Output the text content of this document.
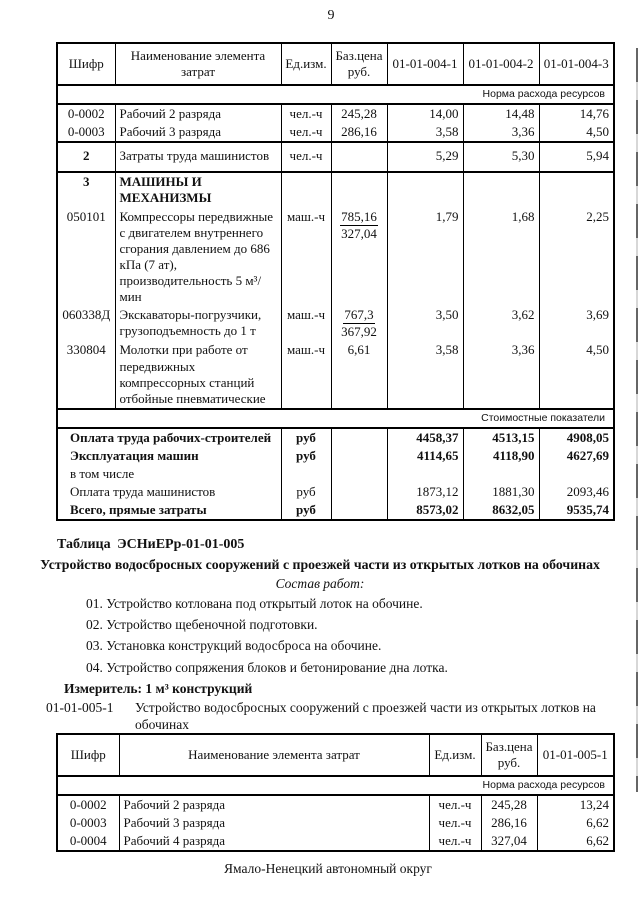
9
Шифр	Наименование элемента затрат	Ед.изм.	Баз.цена руб.	01-01-004-1	01-01-004-2	01-01-004-3
Норма расхода ресурсов						
0-0002	Рабочий 2 разряда	чел.-ч	245,28	14,00	14,48	14,76
0-0003	Рабочий 3 разряда	чел.-ч	286,16	3,58	3,36	4,50
2	Затраты труда машинистов	чел.-ч		5,29	5,30	5,94
3	МАШИНЫ И МЕХАНИЗМЫ					
050101	Компрессоры передвижные с двигателем внутреннего сгорания давлением до 686 кПа (7 ат), производительность 5 м³/мин	маш.-ч	$\frac{785,16}{327,04}$	1,79	1,68	2,25
060338Д	Экскаваторы-погрузчики, грузоподъемность до 1 т	маш.-ч	$\frac{767,3}{367,92}$	3,50	3,62	3,69
330804	Молотки при работе от передвижных компрессорных станций отбойные пневматические	маш.-ч	6,61	3,58	3,36	4,50
Стоимостные показатели						
Оплата труда рабочих-строителей		руб		4458,37	4513,15	4908,05
Эксплуатация машин		руб		4114,65	4118,90	4627,69
в том числе						
Оплата труда машинистов		руб		1873,12	1881,30	2093,46
Всего, прямые затраты		руб		8573,02	8632,05	9535,74
Таблица ЭСНиЕРр-01-01-005
Устройство водосбросных сооружений с проезжей части из открытых лотков на обочинах
Состав работ:
01. Устройство котлована под открытый лоток на обочине.
02. Устройство щебеночной подготовки.
03. Установка конструкций водосброса на обочине.
04. Устройство сопряжения блоков и бетонирование дна лотка.
Измеритель: 1 м³ конструкций
01-01-005-1	Устройство водосбросных сооружений с проезжей части из открытых лотков на обочинах
Шифр	Наименование элемента затрат	Ед.изм.	Баз.цена руб.	01-01-005-1
Норма расхода ресурсов				
0-0002	Рабочий 2 разряда	чел.-ч	245,28	13,24
0-0003	Рабочий 3 разряда	чел.-ч	286,16	6,62
0-0004	Рабочий 4 разряда	чел.-ч	327,04	6,62
Ямало-Ненецкий автономный округ
